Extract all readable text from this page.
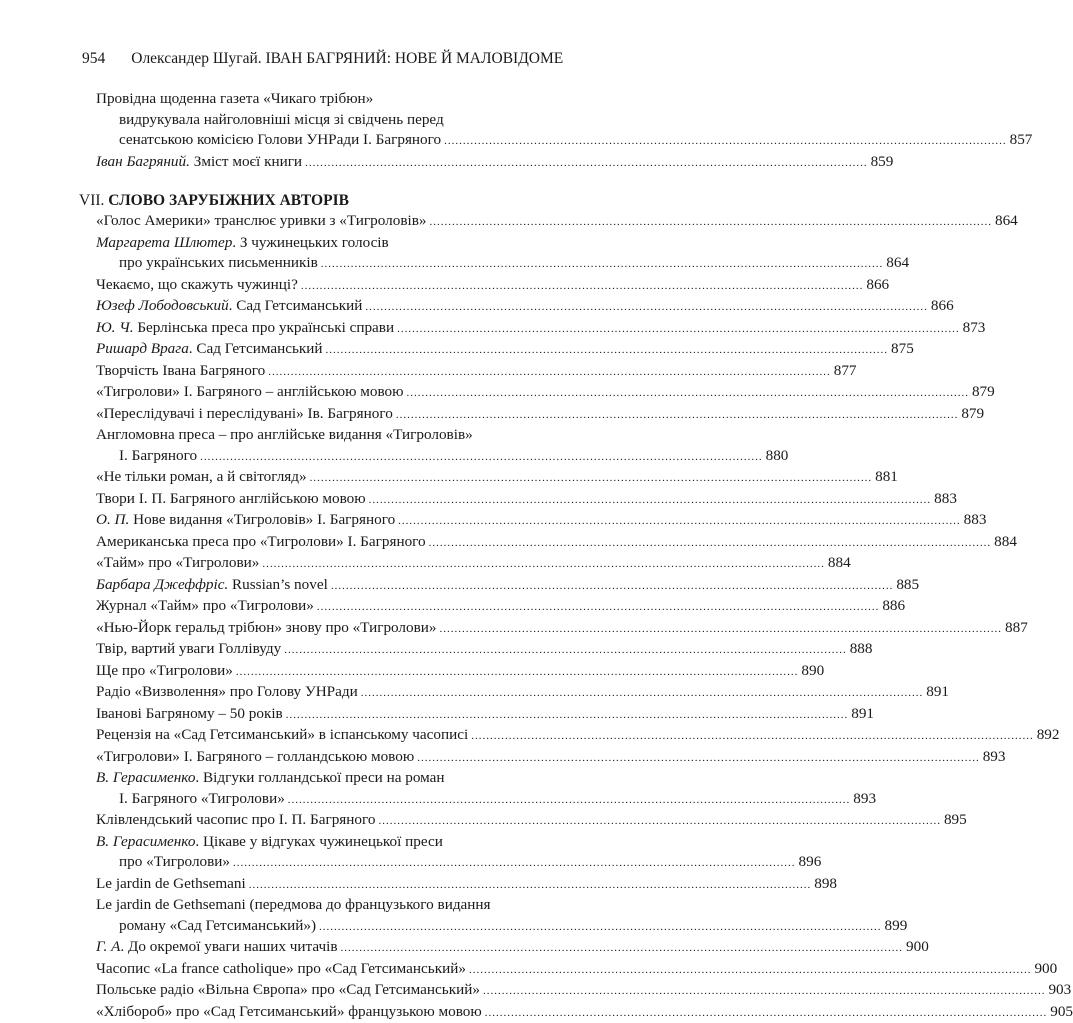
954 Олександер Шугай. ІВАН БАГРЯНИЙ: НОВЕ Й МАЛОВІДОМЕ
Провідна щоденна газета «Чикаго трібюн»
видрукувала найголовніші місця зі свідчень перед
сенатською комісією Голови УНРади І. Багряного ...................................................................................................................................................... 857
Іван Багряний. Зміст моєї книги ...................................................................................................................................................... 859
VII. СЛОВО ЗАРУБІЖНИХ АВТОРІВ
«Голос Америки» транслює уривки з «Тигроловів» ...................................................................................................................................................... 864
Маргарета Шлютер. З чужинецьких голосів
про українських письменників ...................................................................................................................................................... 864
Чекаємо, що скажуть чужинці? ...................................................................................................................................................... 866
Юзеф Лободовський. Сад Гетсиманський ...................................................................................................................................................... 866
Ю. Ч. Берлінська преса про українські справи ...................................................................................................................................................... 873
Ришард Врага. Сад Гетсиманський ...................................................................................................................................................... 875
Творчість Івана Багряного ...................................................................................................................................................... 877
«Тигролови» І. Багряного – англійською мовою ...................................................................................................................................................... 879
«Переслідувачі і переслідувані» Ів. Багряного ...................................................................................................................................................... 879
Англомовна преса – про англійське видання «Тигроловів»
І. Багряного ...................................................................................................................................................... 880
«Не тільки роман, а й світогляд» ...................................................................................................................................................... 881
Твори І. П. Багряного англійською мовою ...................................................................................................................................................... 883
О. П. Нове видання «Тигроловів» І. Багряного ...................................................................................................................................................... 883
Американська преса про «Тигролови» І. Багряного ...................................................................................................................................................... 884
«Тайм» про «Тигролови» ...................................................................................................................................................... 884
Барбара Джеффріс. Russian’s novel ...................................................................................................................................................... 885
Журнал «Тайм» про «Тигролови» ...................................................................................................................................................... 886
«Нью-Йорк геральд трібюн» знову про «Тигролови» ...................................................................................................................................................... 887
Твір, вартий уваги Голлівуду ...................................................................................................................................................... 888
Ще про «Тигролови» ...................................................................................................................................................... 890
Радіо «Визволення» про Голову УНРади ...................................................................................................................................................... 891
Іванові Багряному – 50 років ...................................................................................................................................................... 891
Рецензія на «Сад Гетсиманський» в іспанському часописі ...................................................................................................................................................... 892
«Тигролови» І. Багряного – голландською мовою ...................................................................................................................................................... 893
В. Герасименко. Відгуки голландської преси на роман
І. Багряного «Тигролови» ...................................................................................................................................................... 893
Клівлендський часопис про І. П. Багряного ...................................................................................................................................................... 895
В. Герасименко. Цікаве у відгуках чужинецької преси
про «Тигролови» ...................................................................................................................................................... 896
Le jardin de Gethsemani ...................................................................................................................................................... 898
Le jardin de Gethsemani (передмова до французького видання
роману «Сад Гетсиманський») ...................................................................................................................................................... 899
Г. А. До окремої уваги наших читачів ...................................................................................................................................................... 900
Часопис «La france catholique» про «Сад Гетсиманський» ...................................................................................................................................................... 900
Польське радіо «Вільна Європа» про «Сад Гетсиманський» ...................................................................................................................................................... 903
«Хлібороб» про «Сад Гетсиманський» французькою мовою ...................................................................................................................................................... 905
